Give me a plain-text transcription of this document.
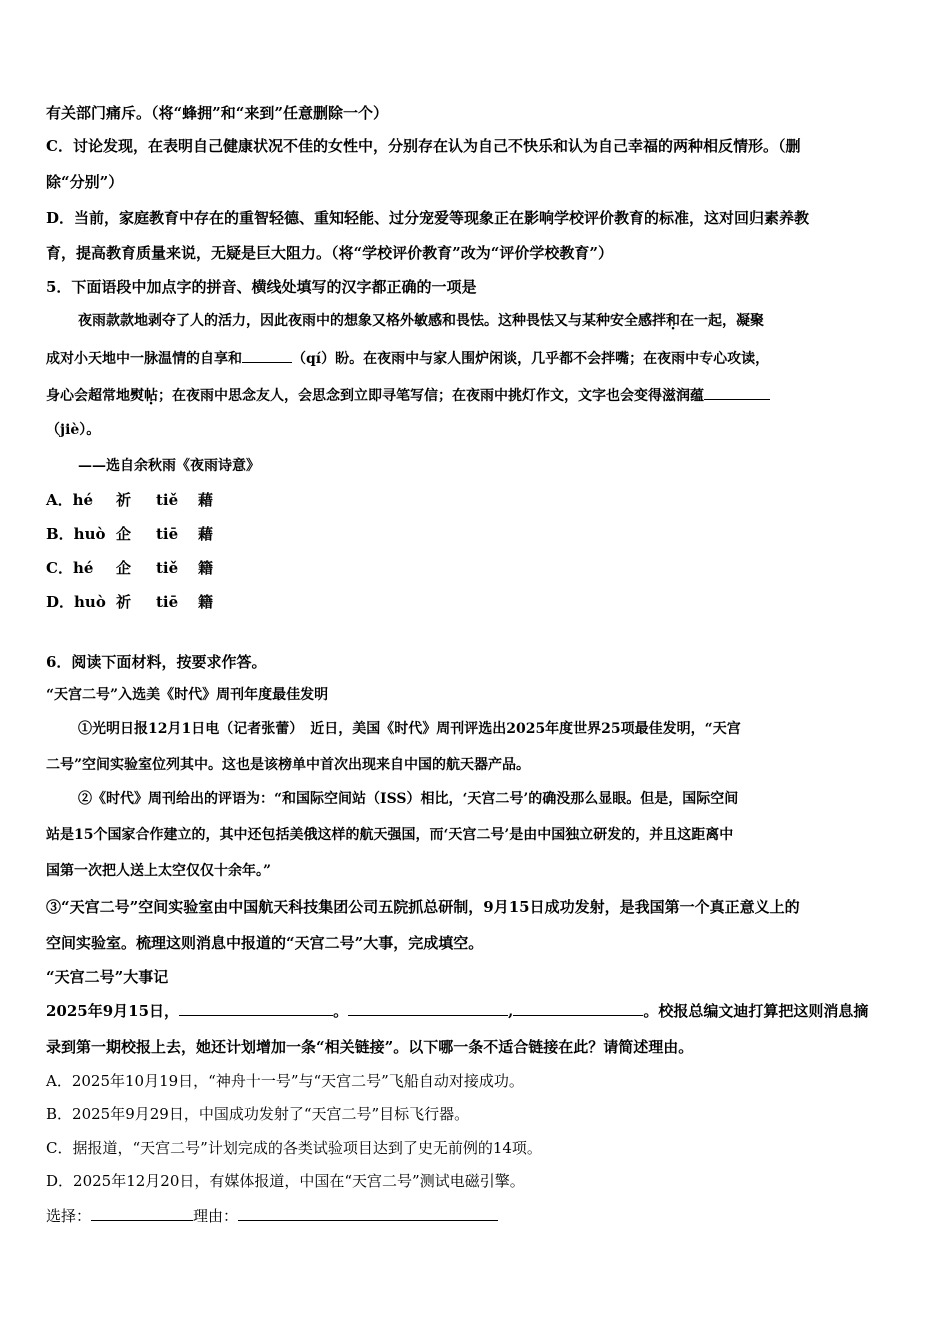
有关部门痛斥。（将“蜂拥”和“来到”任意删除一个）
C．讨论发现，在表明自己健康状况不佳的女性中，分别存在认为自己不快乐和认为自己幸福的两种相反情形。（删
除“分别”）
D．当前，家庭教育中存在的重智轻德、重知轻能、过分宠爱等现象正在影响学校评价教育的标准，这对回归素养教
育，提高教育质量来说，无疑是巨大阻力。（将“学校评价教育”改为“评价学校教育”）
5．下面语段中加点字的拼音、横线处填写的汉字都正确的一项是
夜雨款款地剥夺了人的活力，因此夜雨中的想象又格外敏感和畏怯。这种畏怯又与某种安全感拌和在一起，凝聚
成对小天地中一脉温情的自享和	（qí）盼。在夜雨中与家人围炉闲谈，几乎都不会拌嘴；在夜雨中专心攻读，
身心会超常地熨帖；在夜雨中思念友人，会思念到立即寻笔写信；在夜雨中挑灯作文，文字也会变得滋润蕴
（jiè）。
——选自余秋雨《夜雨诗意》
A．hé 祈 tiě 藉
B．huò 企 tiē 藉
C．hé 企 tiě 籍
D．huò 祈 tiē 籍
6．阅读下面材料，按要求作答。
“天宫二号”入选美《时代》周刊年度最佳发明
①光明日报12月1日电（记者张蕾）　近日，美国《时代》周刊评选出2025年度世界25项最佳发明，“天宫
二号”空间实验室位列其中。这也是该榜单中首次出现来自中国的航天器产品。
②《时代》周刊给出的评语为：“和国际空间站（ISS）相比，‘天宫二号’的确没那么显眼。但是，国际空间
站是15个国家合作建立的，其中还包括美俄这样的航天强国，而‘天宫二号’是由中国独立研发的，并且这距离中
国第一次把人送上太空仅仅十余年。”
③“天宫二号”空间实验室由中国航天科技集团公司五院抓总研制，9月15日成功发射，是我国第一个真正意义上的
空间实验室。梳理这则消息中报道的“天宫二号”大事，完成填空。
“天宫二号”大事记
2025年9月15日，	。	,	。校报总编文迪打算把这则消息摘
录到第一期校报上去，她还计划增加一条“相关链接”。以下哪一条不适合链接在此？请简述理由。
A．2025年10月19日，“神舟十一号”与“天宫二号”飞船自动对接成功。
B．2025年9月29日，中国成功发射了“天宫二号”目标飞行器。
C．据报道，“天宫二号”计划完成的各类试验项目达到了史无前例的14项。
D．2025年12月20日，有媒体报道，中国在“天宫二号”测试电磁引擎。
选择：	理由：
